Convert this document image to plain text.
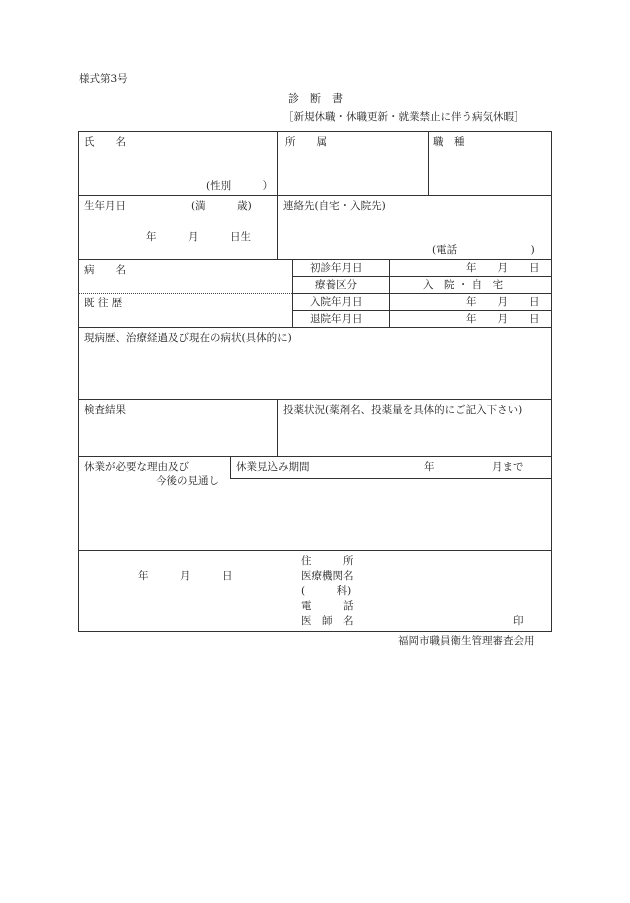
様式第3号
診　断　書
［新規休職・休職更新・就業禁止に伴う病気休暇］
氏　　名
(性別　　　）
所　　属	職　種
生年月日	(満　　　歳)
年　　　月　　　日生
連絡先(自宅・入院先)
(電話　　　　　　　)
病　　名
既 往 歴
初診年月日	年　　月　　日
療養区分	入　院 ・ 自　宅
入院年月日	年　　月　　日
退院年月日	年　　月　　日
現病歴、治療経過及び現在の病状(具体的に)
検査結果	投薬状況(薬剤名、投薬量を具体的にご記入下さい)
休業が必要な理由及び
今後の見通し
休業見込み期間	年	月まで
年　　　月　　　日
住　　　所
医療機関名
(　　　科)
電　　　話
医　師　名	印
福岡市職員衛生管理審査会用
